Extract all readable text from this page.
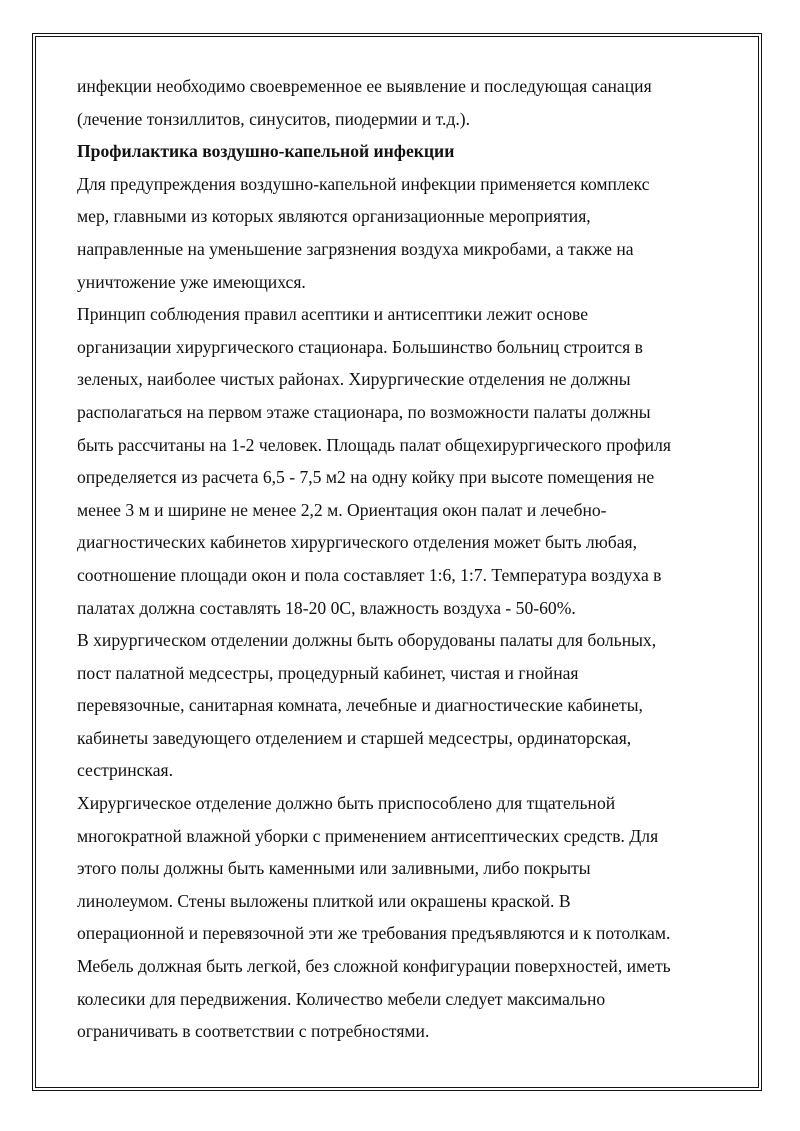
инфекции необходимо своевременное ее выявление и последующая санация
(лечение тонзиллитов, синуситов, пиодермии и т.д.).
Профилактика воздушно-капельной инфекции
Для предупреждения воздушно-капельной инфекции применяется комплекс
мер, главными из которых являются организационные мероприятия,
направленные на уменьшение загрязнения воздуха микробами, а также на
уничтожение уже имеющихся.
Принцип соблюдения правил асептики и антисептики лежит основе
организации хирургического стационара. Большинство больниц строится в
зеленых, наиболее чистых районах. Хирургические отделения не должны
располагаться на первом этаже стационара, по возможности палаты должны
быть рассчитаны на 1-2 человек. Площадь палат общехирургического профиля
определяется из расчета 6,5 - 7,5 м2 на одну койку при высоте помещения не
менее 3 м и ширине не менее 2,2 м. Ориентация окон палат и лечебно-
диагностических кабинетов хирургического отделения может быть любая,
соотношение площади окон и пола составляет 1:6, 1:7. Температура воздуха в
палатах должна составлять 18-20 0С, влажность воздуха - 50-60%.
В хирургическом отделении должны быть оборудованы палаты для больных,
пост палатной медсестры, процедурный кабинет, чистая и гнойная
перевязочные, санитарная комната, лечебные и диагностические кабинеты,
кабинеты заведующего отделением и старшей медсестры, ординаторская,
сестринская.
Хирургическое отделение должно быть приспособлено для тщательной
многократной влажной уборки с применением антисептических средств. Для
этого полы должны быть каменными или заливными, либо покрыты
линолеумом. Стены выложены плиткой или окрашены краской. В
операционной и перевязочной эти же требования предъявляются и к потолкам.
Мебель должная быть легкой, без сложной конфигурации поверхностей, иметь
колесики для передвижения. Количество мебели следует максимально
ограничивать в соответствии с потребностями.
